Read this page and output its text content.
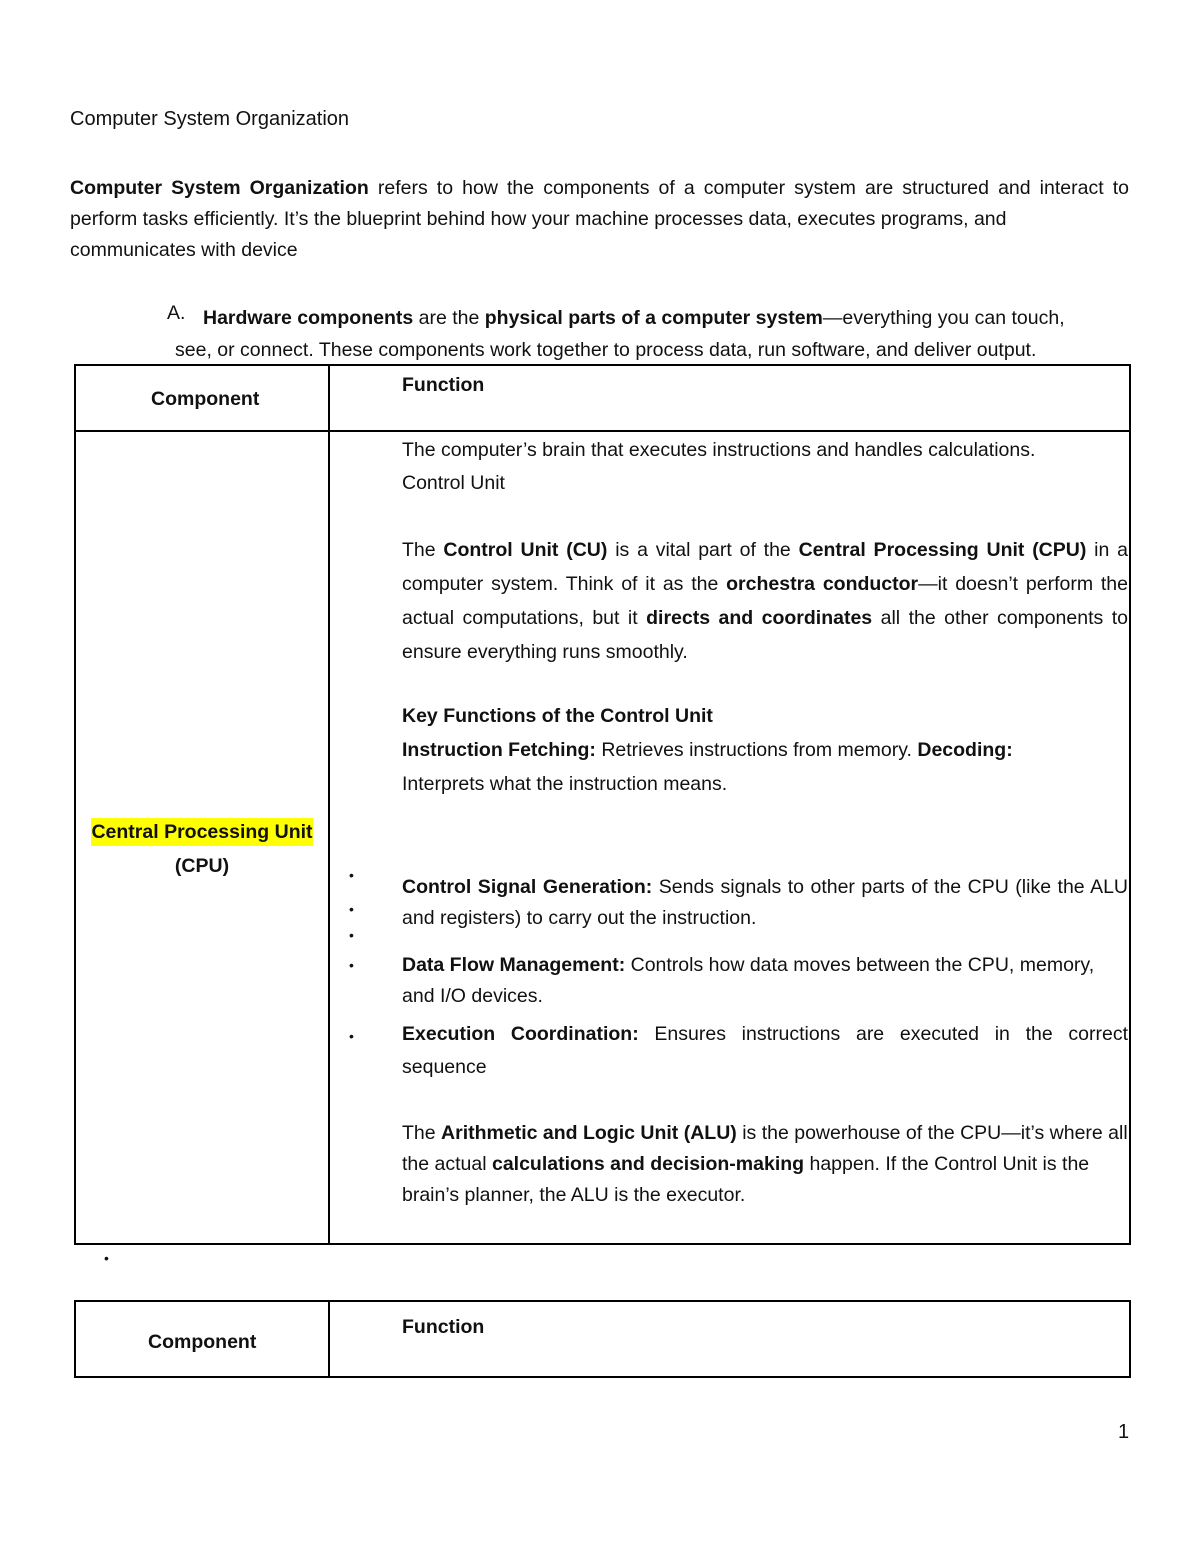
Computer System Organization
Computer System Organization refers to how the components of a computer system are structured and interact to perform tasks efficiently. It’s the blueprint behind how your machine processes data, executes programs, and
communicates with device
A. Hardware components are the physical parts of a computer system—everything you can touch,
see, or connect. These components work together to process data, run software, and deliver output.
Component
Function
Central Processing Unit
(CPU)
The computer’s brain that executes instructions and handles calculations.
Control Unit
The Control Unit (CU) is a vital part of the Central Processing Unit (CPU) in a computer system. Think of it as the orchestra conductor—it doesn’t perform the actual computations, but it directs and coordinates all the other components to ensure everything runs smoothly.
Key Functions of the Control Unit
Instruction Fetching: Retrieves instructions from memory. Decoding:
Interprets what the instruction means.
•
•
•
•
•
Control Signal Generation: Sends signals to other parts of the CPU (like the ALU and registers) to carry out the instruction.
Data Flow Management: Controls how data moves between the CPU, memory, and I/O devices.
Execution Coordination: Ensures instructions are executed in the correct sequence
The Arithmetic and Logic Unit (ALU) is the powerhouse of the CPU—it’s where all the actual calculations and decision-making happen. If the Control Unit is the brain’s planner, the ALU is the executor.
•
Component
Function
1
